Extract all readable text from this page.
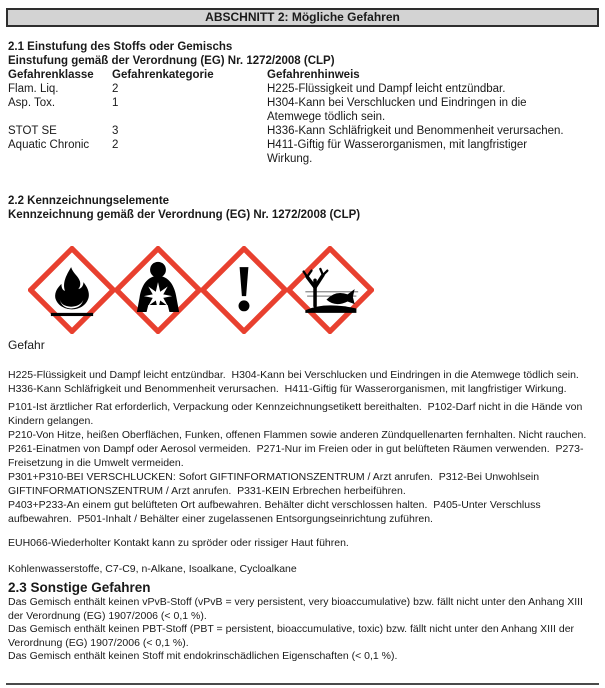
ABSCHNITT 2: Mögliche Gefahren
2.1 Einstufung des Stoffs oder Gemischs
Einstufung gemäß der Verordnung (EG) Nr. 1272/2008 (CLP)
Gefahrenklasse	Gefahrenkategorie	Gefahrenhinweis
Flam. Liq.	2	H225-Flüssigkeit und Dampf leicht entzündbar.
Asp. Tox.	1	H304-Kann bei Verschlucken und Eindringen in die Atemwege tödlich sein.
STOT SE	3	H336-Kann Schläfrigkeit und Benommenheit verursachen.
Aquatic Chronic	2	H411-Giftig für Wasserorganismen, mit langfristiger Wirkung.
2.2 Kennzeichnungselemente
Kennzeichnung gemäß der Verordnung (EG) Nr. 1272/2008 (CLP)
Gefahr
H225-Flüssigkeit und Dampf leicht entzündbar.  H304-Kann bei Verschlucken und Eindringen in die Atemwege tödlich sein.  H336-Kann Schläfrigkeit und Benommenheit verursachen.  H411-Giftig für Wasserorganismen, mit langfristiger Wirkung.
P101-Ist ärztlicher Rat erforderlich, Verpackung oder Kennzeichnungsetikett bereithalten.  P102-Darf nicht in die Hände von Kindern gelangen.
P210-Von Hitze, heißen Oberflächen, Funken, offenen Flammen sowie anderen Zündquellenarten fernhalten. Nicht rauchen.  P261-Einatmen von Dampf oder Aerosol vermeiden.  P271-Nur im Freien oder in gut belüfteten Räumen verwenden.  P273-Freisetzung in die Umwelt vermeiden.
P301+P310-BEI VERSCHLUCKEN: Sofort GIFTINFORMATIONSZENTRUM / Arzt anrufen.  P312-Bei Unwohlsein GIFTINFORMATIONSZENTRUM / Arzt anrufen.  P331-KEIN Erbrechen herbeiführen.
P403+P233-An einem gut belüfteten Ort aufbewahren. Behälter dicht verschlossen halten.  P405-Unter Verschluss aufbewahren.  P501-Inhalt / Behälter einer zugelassenen Entsorgungseinrichtung zuführen.
EUH066-Wiederholter Kontakt kann zu spröder oder rissiger Haut führen.
Kohlenwasserstoffe, C7-C9, n-Alkane, Isoalkane, Cycloalkane
2.3 Sonstige Gefahren
Das Gemisch enthält keinen vPvB-Stoff (vPvB = very persistent, very bioaccumulative) bzw. fällt nicht unter den Anhang XIII der Verordnung (EG) 1907/2006 (< 0,1 %).
Das Gemisch enthält keinen PBT-Stoff (PBT = persistent, bioaccumulative, toxic) bzw. fällt nicht unter den Anhang XIII der Verordnung (EG) 1907/2006 (< 0,1 %).
Das Gemisch enthält keinen Stoff mit endokrinschädlichen Eigenschaften (< 0,1 %).
